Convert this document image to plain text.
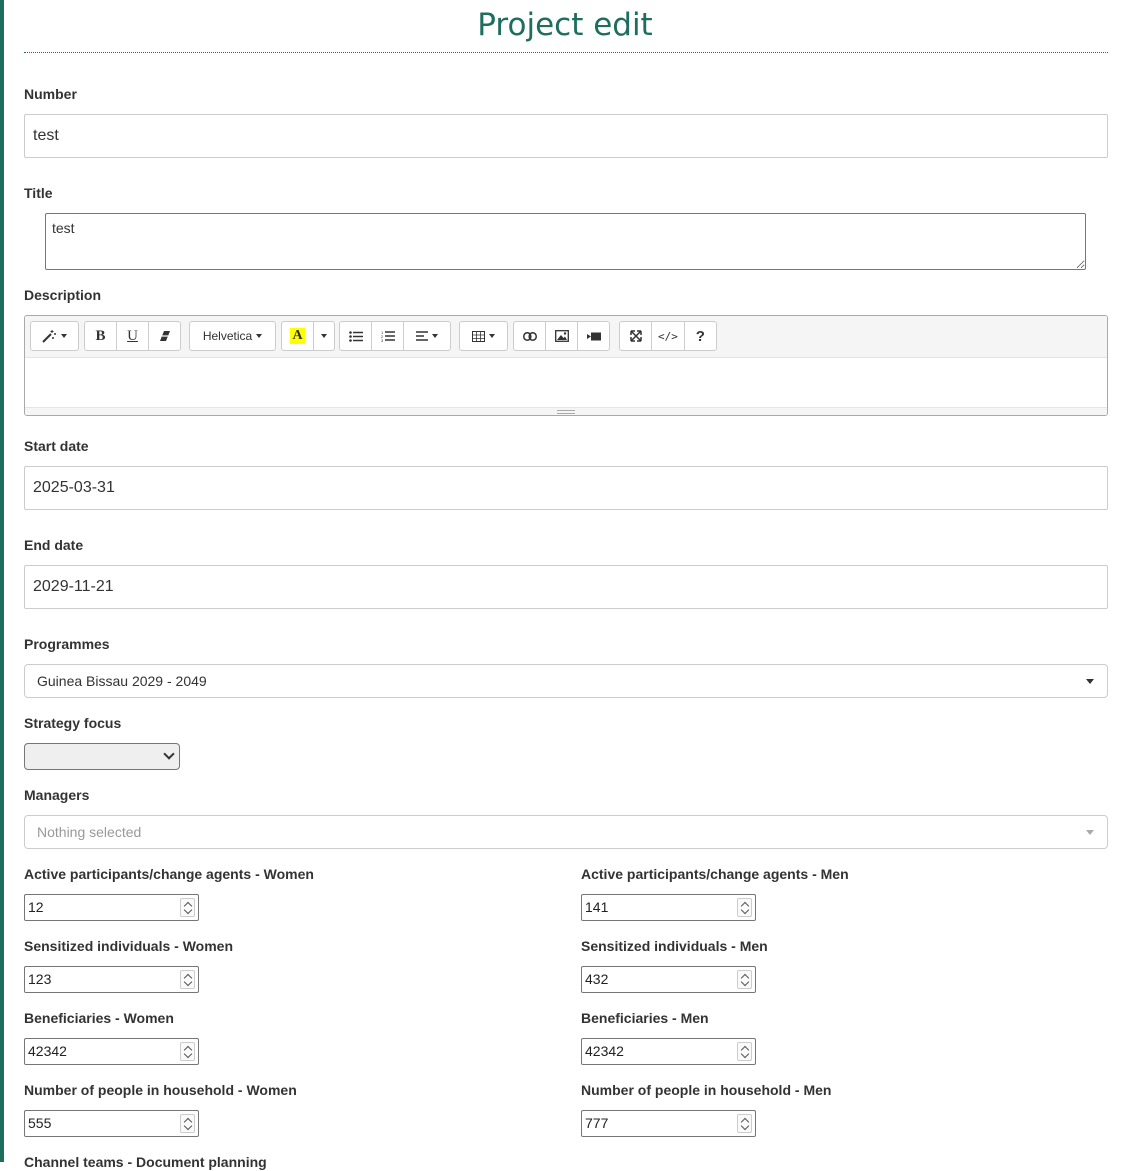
Project edit
Number
test
Title
test
Description
B U	Helvetica	A	1
2
3	</> ?
Start date
2025-03-31
End date
2029-11-21
Programmes
Guinea Bissau 2029 - 2049
Strategy focus
Managers
Nothing selected
Active participants/change agents - Women
12
Active participants/change agents - Men
141
Sensitized individuals - Women
123
Sensitized individuals - Men
432
Beneficiaries - Women
42342
Beneficiaries - Men
42342
Number of people in household - Women
555
Number of people in household - Men
777
Channel teams - Document planning
